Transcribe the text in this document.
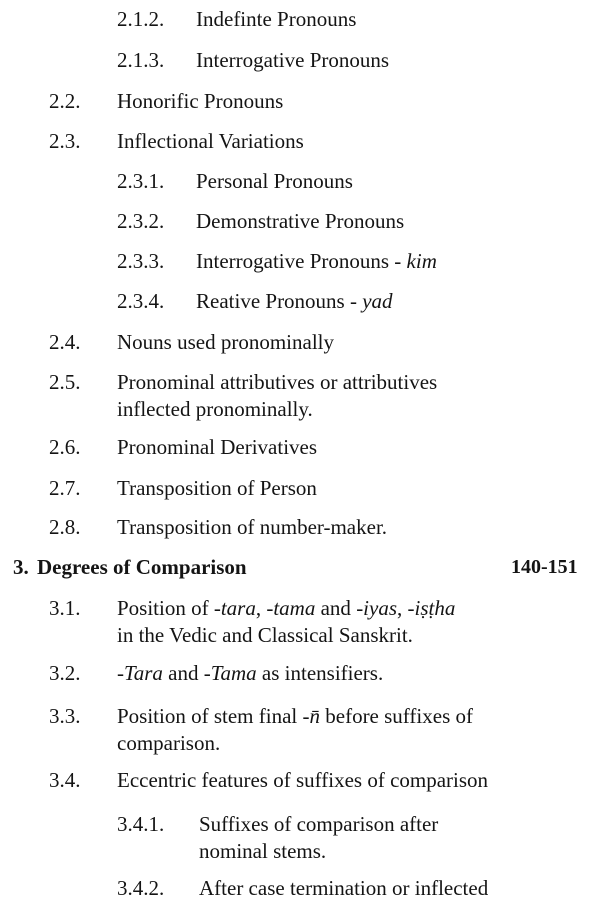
2.1.2. Indefinte Pronouns
2.1.3. Interrogative Pronouns
2.2. Honorific Pronouns
2.3. Inflectional Variations
2.3.1. Personal Pronouns
2.3.2. Demonstrative Pronouns
2.3.3. Interrogative Pronouns - kim
2.3.4. Reative Pronouns - yad
2.4. Nouns used pronominally
2.5. Pronominal attributives or attributives
inflected pronominally.
2.6. Pronominal Derivatives
2.7. Transposition of Person
2.8. Transposition of number-maker.
3. Degrees of Comparison	140-151
3.1. Position of -tara, -tama and -iyas, -iṣṭha
in the Vedic and Classical Sanskrit.
3.2. -Tara and -Tama as intensifiers.
3.3. Position of stem final -n̄ before suffixes of
comparison.
3.4. Eccentric features of suffixes of comparison
3.4.1. Suffixes of comparison after
nominal stems.
3.4.2. After case termination or inflected
